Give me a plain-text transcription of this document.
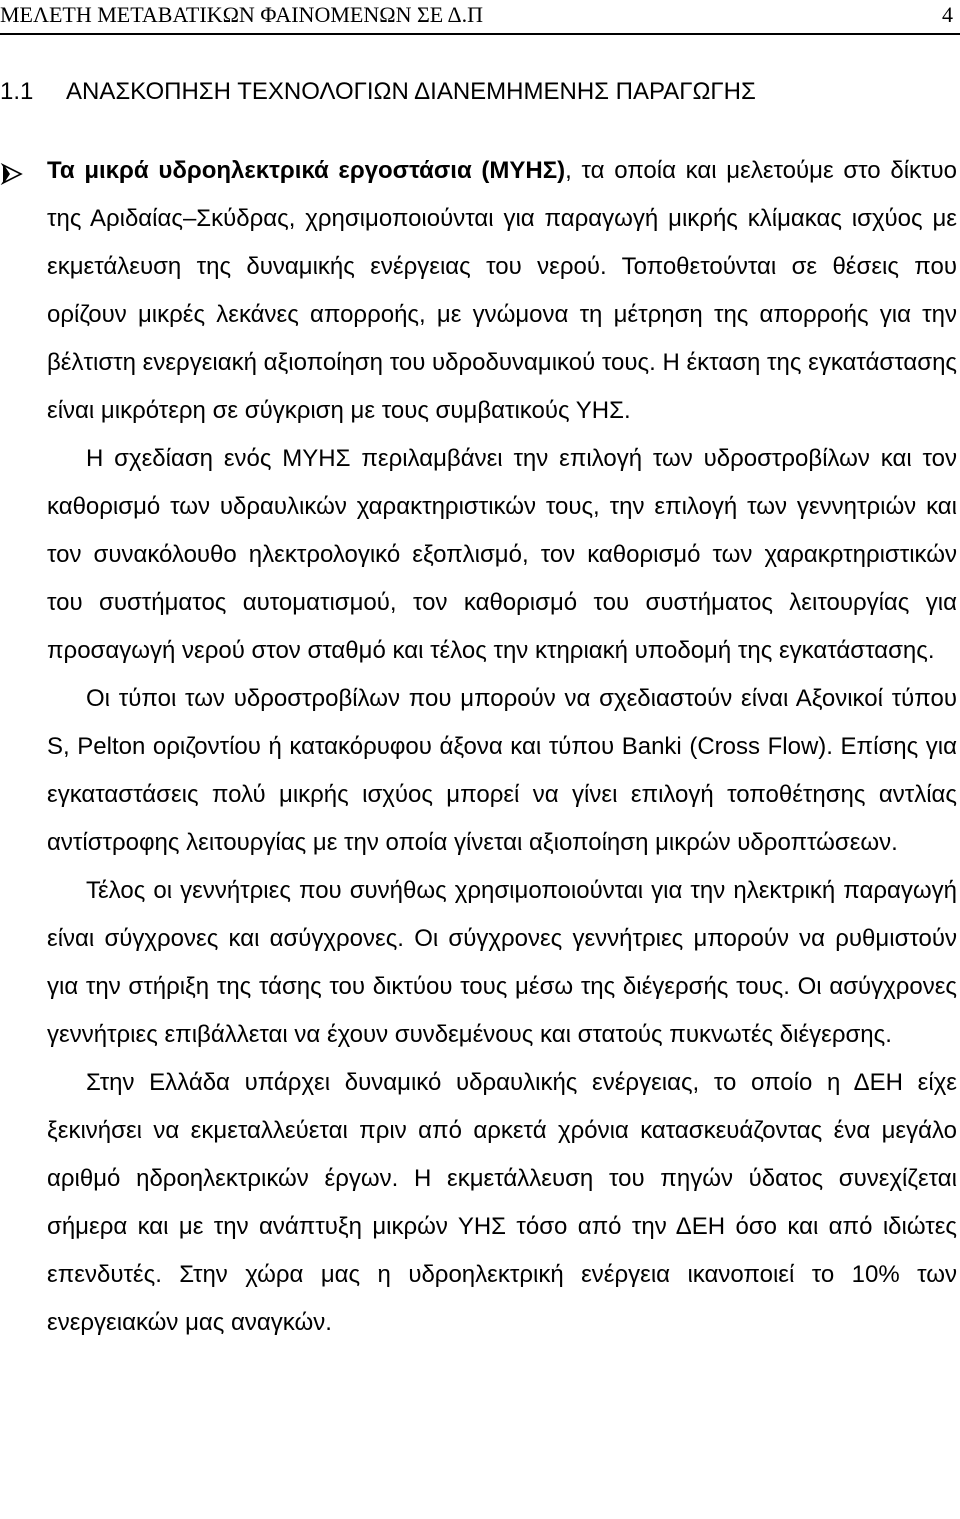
ΜΕΛΕΤΗ ΜΕΤΑΒΑΤΙΚΩΝ ΦΑΙΝΟΜΕΝΩΝ ΣΕ Δ.Π	4
1.1 ΑΝΑΣΚΟΠΗΣΗ ΤΕΧΝΟΛΟΓΙΩΝ ΔΙΑΝΕΜΗΜΕΝΗΣ ΠΑΡΑΓΩΓΗΣ

Τα μικρά υδροηλεκτρικά εργοστάσια (ΜΥΗΣ), τα οποία και μελετούμε στο δίκτυο της Αριδαίας–Σκύδρας, χρησιμοποιούνται για παραγωγή μικρής κλίμακας ισχύος με εκμετάλευση της δυναμικής ενέργειας του νερού. Τοποθετούνται σε θέσεις που ορίζουν μικρές λεκάνες απορροής, με γνώμονα τη μέτρηση της απορροής για την βέλτιστη ενεργειακή αξιοποίηση του υδροδυναμικού τους. Η έκταση της εγκατάστασης είναι μικρότερη σε σύγκριση με τους συμβατικούς ΥΗΣ.

Η σχεδίαση ενός ΜΥΗΣ περιλαμβάνει την επιλογή των υδροστροβίλων και τον καθορισμό των υδραυλικών χαρακτηριστικών τους, την επιλογή των γεννητριών και τον συνακόλουθο ηλεκτρολογικό εξοπλισμό, τον καθορισμό των χαρακρτηριστικών του συστήματος αυτοματισμού, τον καθορισμό του συστήματος λειτουργίας για προσαγωγή νερού στον σταθμό και τέλος την κτηριακή υποδομή της εγκατάστασης.

Οι τύποι των υδροστροβίλων που μπορούν να σχεδιαστούν είναι Αξονικοί τύπου S, Pelton οριζοντίου ή κατακόρυφου άξονα και τύπου Banki (Cross Flow). Επίσης για εγκαταστάσεις πολύ μικρής ισχύος μπορεί να γίνει επιλογή τοποθέτησης αντλίας αντίστροφης λειτουργίας με την οποία γίνεται αξιοποίηση μικρών υδροπτώσεων.

Τέλος οι γεννήτριες που συνήθως χρησιμοποιούνται για την ηλεκτρική παραγωγή είναι σύγχρονες και ασύγχρονες. Οι σύγχρονες γεννήτριες μπορούν να ρυθμιστούν για την στήριξη της τάσης του δικτύου τους μέσω της διέγερσής τους. Οι ασύγχρονες γεννήτριες επιβάλλεται να έχουν συνδεμένους και στατούς πυκνωτές διέγερσης.

Στην Ελλάδα υπάρχει δυναμικό υδραυλικής ενέργειας, το οποίο η ΔΕΗ είχε ξεκινήσει να εκμεταλλεύεται πριν από αρκετά χρόνια κατασκευάζοντας ένα μεγάλο αριθμό ηδροηλεκτρικών έργων. Η εκμετάλλευση του πηγών ύδατος συνεχίζεται σήμερα και με την ανάπτυξη μικρών ΥΗΣ τόσο από την ΔΕΗ όσο και από ιδιώτες επενδυτές. Στην χώρα μας η υδροηλεκτρική ενέργεια ικανοποιεί το 10% των ενεργειακών μας αναγκών.
